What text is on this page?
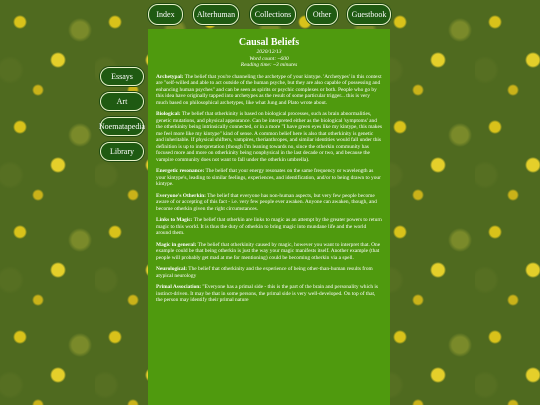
Index	Alterhuman	Collections	Other	Guestbook
Essays
Art
Noematapedia
Library
Causal Beliefs
2020/12/13
Word count: ~600
Reading time: ~3 minutes

Archetypal: The belief that you're channeling the archetype of your kintype. 'Archetypes' in this context are "self-willed and able to act outside of the human psyche, but they are also capable of possessing and enhancing human psyches" and can be seen as spirits or psychic complexes or both. People who go by this idea have originally tapped into archetypes as the result of some particular trigger... this is very much based on philosophical archetypes, like what Jung and Plato wrote about.

Biological: The belief that otherkinity is based on biological processes, such as brain abnormalities, genetic mutations, and physical appearance. Can be interpreted either as the biological 'symptoms' and the otherkinity being intrinsically connected, or in a more "I have green eyes like my kintype, this makes me feel more like my kintype" kind of sense. A common belief here is also that otherkinity is genetic and inheritable. If physical shifters, vampires, therianthropes, and similar identities would fall under this definition is up to interpretation (though I'm leaning towards no, since the otherkin community has focused more and more on otherkinity being nonphysical in the last decade or two, and because the vampire community does not want to fall under the otherkin umbrella).

Energetic resonance: The belief that your energy resonates on the same frequency or wavelength as your kintype's, leading to similar feelings, experiences, and identification, and/or to being drawn to your kintype.

Everyone's Otherkin: The belief that everyone has non-human aspects, but very few people become aware of or accepting of this fact - i.e. very few people ever awaken. Anyone can awaken, though, and become otherkin given the right circumstances.

Links to Magic: The belief that otherkin are links to magic as an attempt by the greater powers to return magic to this world. It is thus the duty of otherkin to bring magic into mundane life and the world around them.

Magic in general: The belief that otherkinity caused by magic, however you want to interpret that. One example could be that being otherkin is just the way your magic manifests itself. Another example (that people will probably get mad at me for mentioning) could be becoming otherkin via a spell.

Neurological: The belief that otherkinity and the experience of being other-than-human results from atypical neurology

Primal Association: "Everyone has a primal side - this is the part of the brain and personality which is instinct-driven. It may be that in some persons, the primal side is very well-developed. On top of that, the person may identify their primal nature
